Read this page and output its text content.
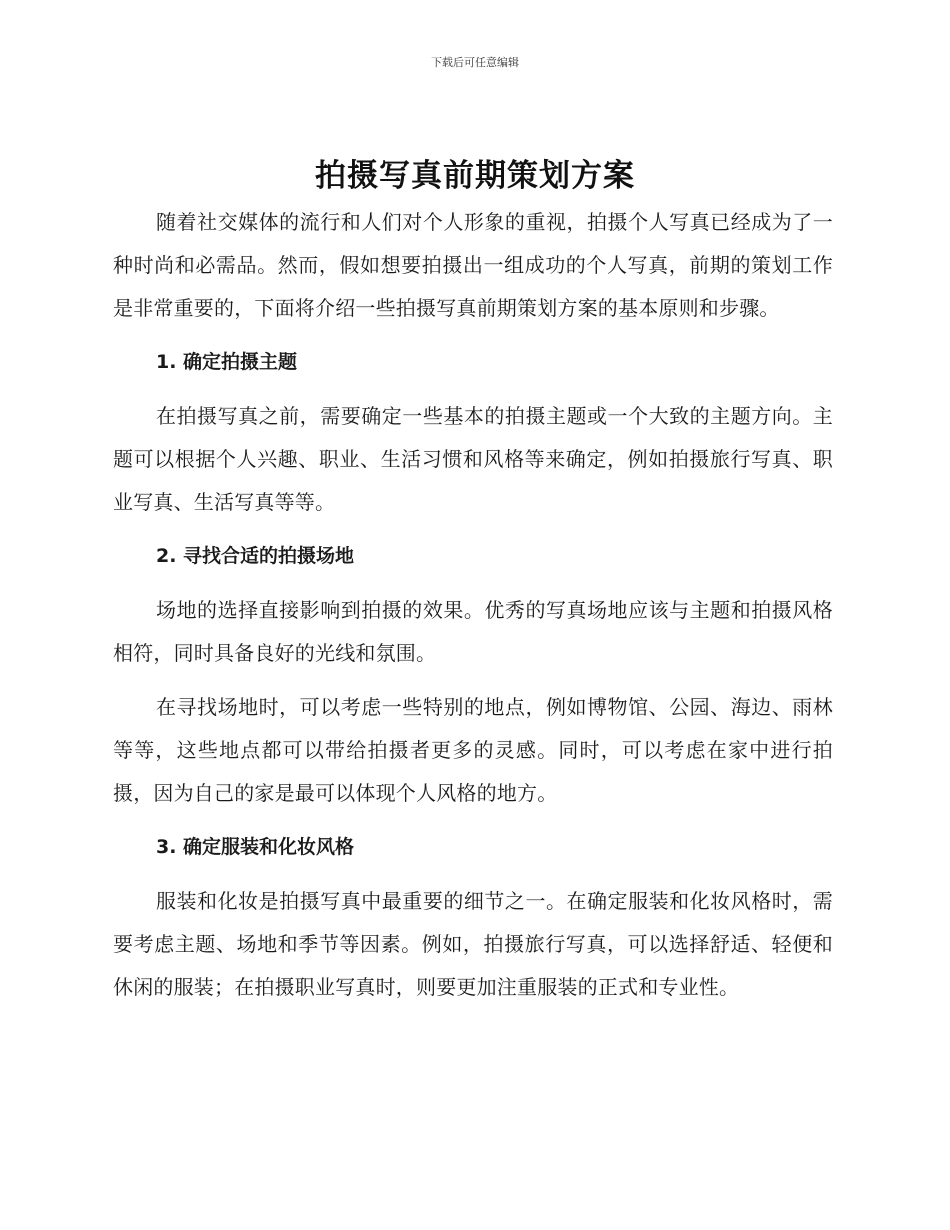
下载后可任意编辑
拍摄写真前期策划方案

随着社交媒体的流行和人们对个人形象的重视，拍摄个人写真已经成为了一种时尚和必需品。然而，假如想要拍摄出一组成功的个人写真，前期的策划工作是非常重要的，下面将介绍一些拍摄写真前期策划方案的基本原则和步骤。

1. 确定拍摄主题

在拍摄写真之前，需要确定一些基本的拍摄主题或一个大致的主题方向。主题可以根据个人兴趣、职业、生活习惯和风格等来确定，例如拍摄旅行写真、职业写真、生活写真等等。

2. 寻找合适的拍摄场地

场地的选择直接影响到拍摄的效果。优秀的写真场地应该与主题和拍摄风格相符，同时具备良好的光线和氛围。

在寻找场地时，可以考虑一些特别的地点，例如博物馆、公园、海边、雨林等等，这些地点都可以带给拍摄者更多的灵感。同时，可以考虑在家中进行拍摄，因为自己的家是最可以体现个人风格的地方。

3. 确定服装和化妆风格

服装和化妆是拍摄写真中最重要的细节之一。在确定服装和化妆风格时，需要考虑主题、场地和季节等因素。例如，拍摄旅行写真，可以选择舒适、轻便和休闲的服装；在拍摄职业写真时，则要更加注重服装的正式和专业性。
